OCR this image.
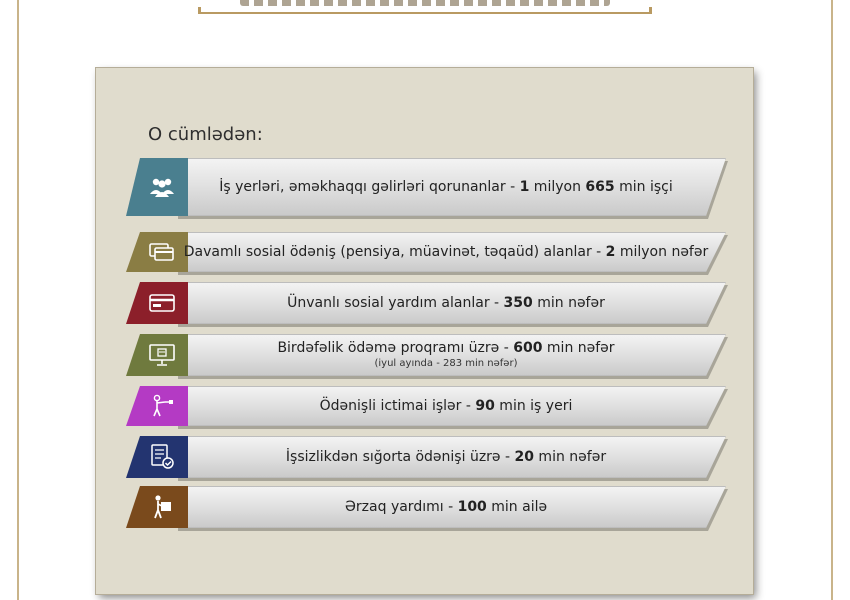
O cümlədən:
İş yerləri, əməkhaqqı gəlirləri qorunanlar - 1 milyon 665 min işçi
Davamlı sosial ödəniş (pensiya, müavinət, təqaüd) alanlar - 2 milyon nəfər
Ünvanlı sosial yardım alanlar - 350 min nəfər
Birdəfəlik ödəmə proqramı üzrə - 600 min nəfər
(iyul ayında - 283 min nəfər)
Ödənişli ictimai işlər - 90 min iş yeri
İşsizlikdən sığorta ödənişi üzrə - 20 min nəfər
Ərzaq yardımı - 100 min ailə
